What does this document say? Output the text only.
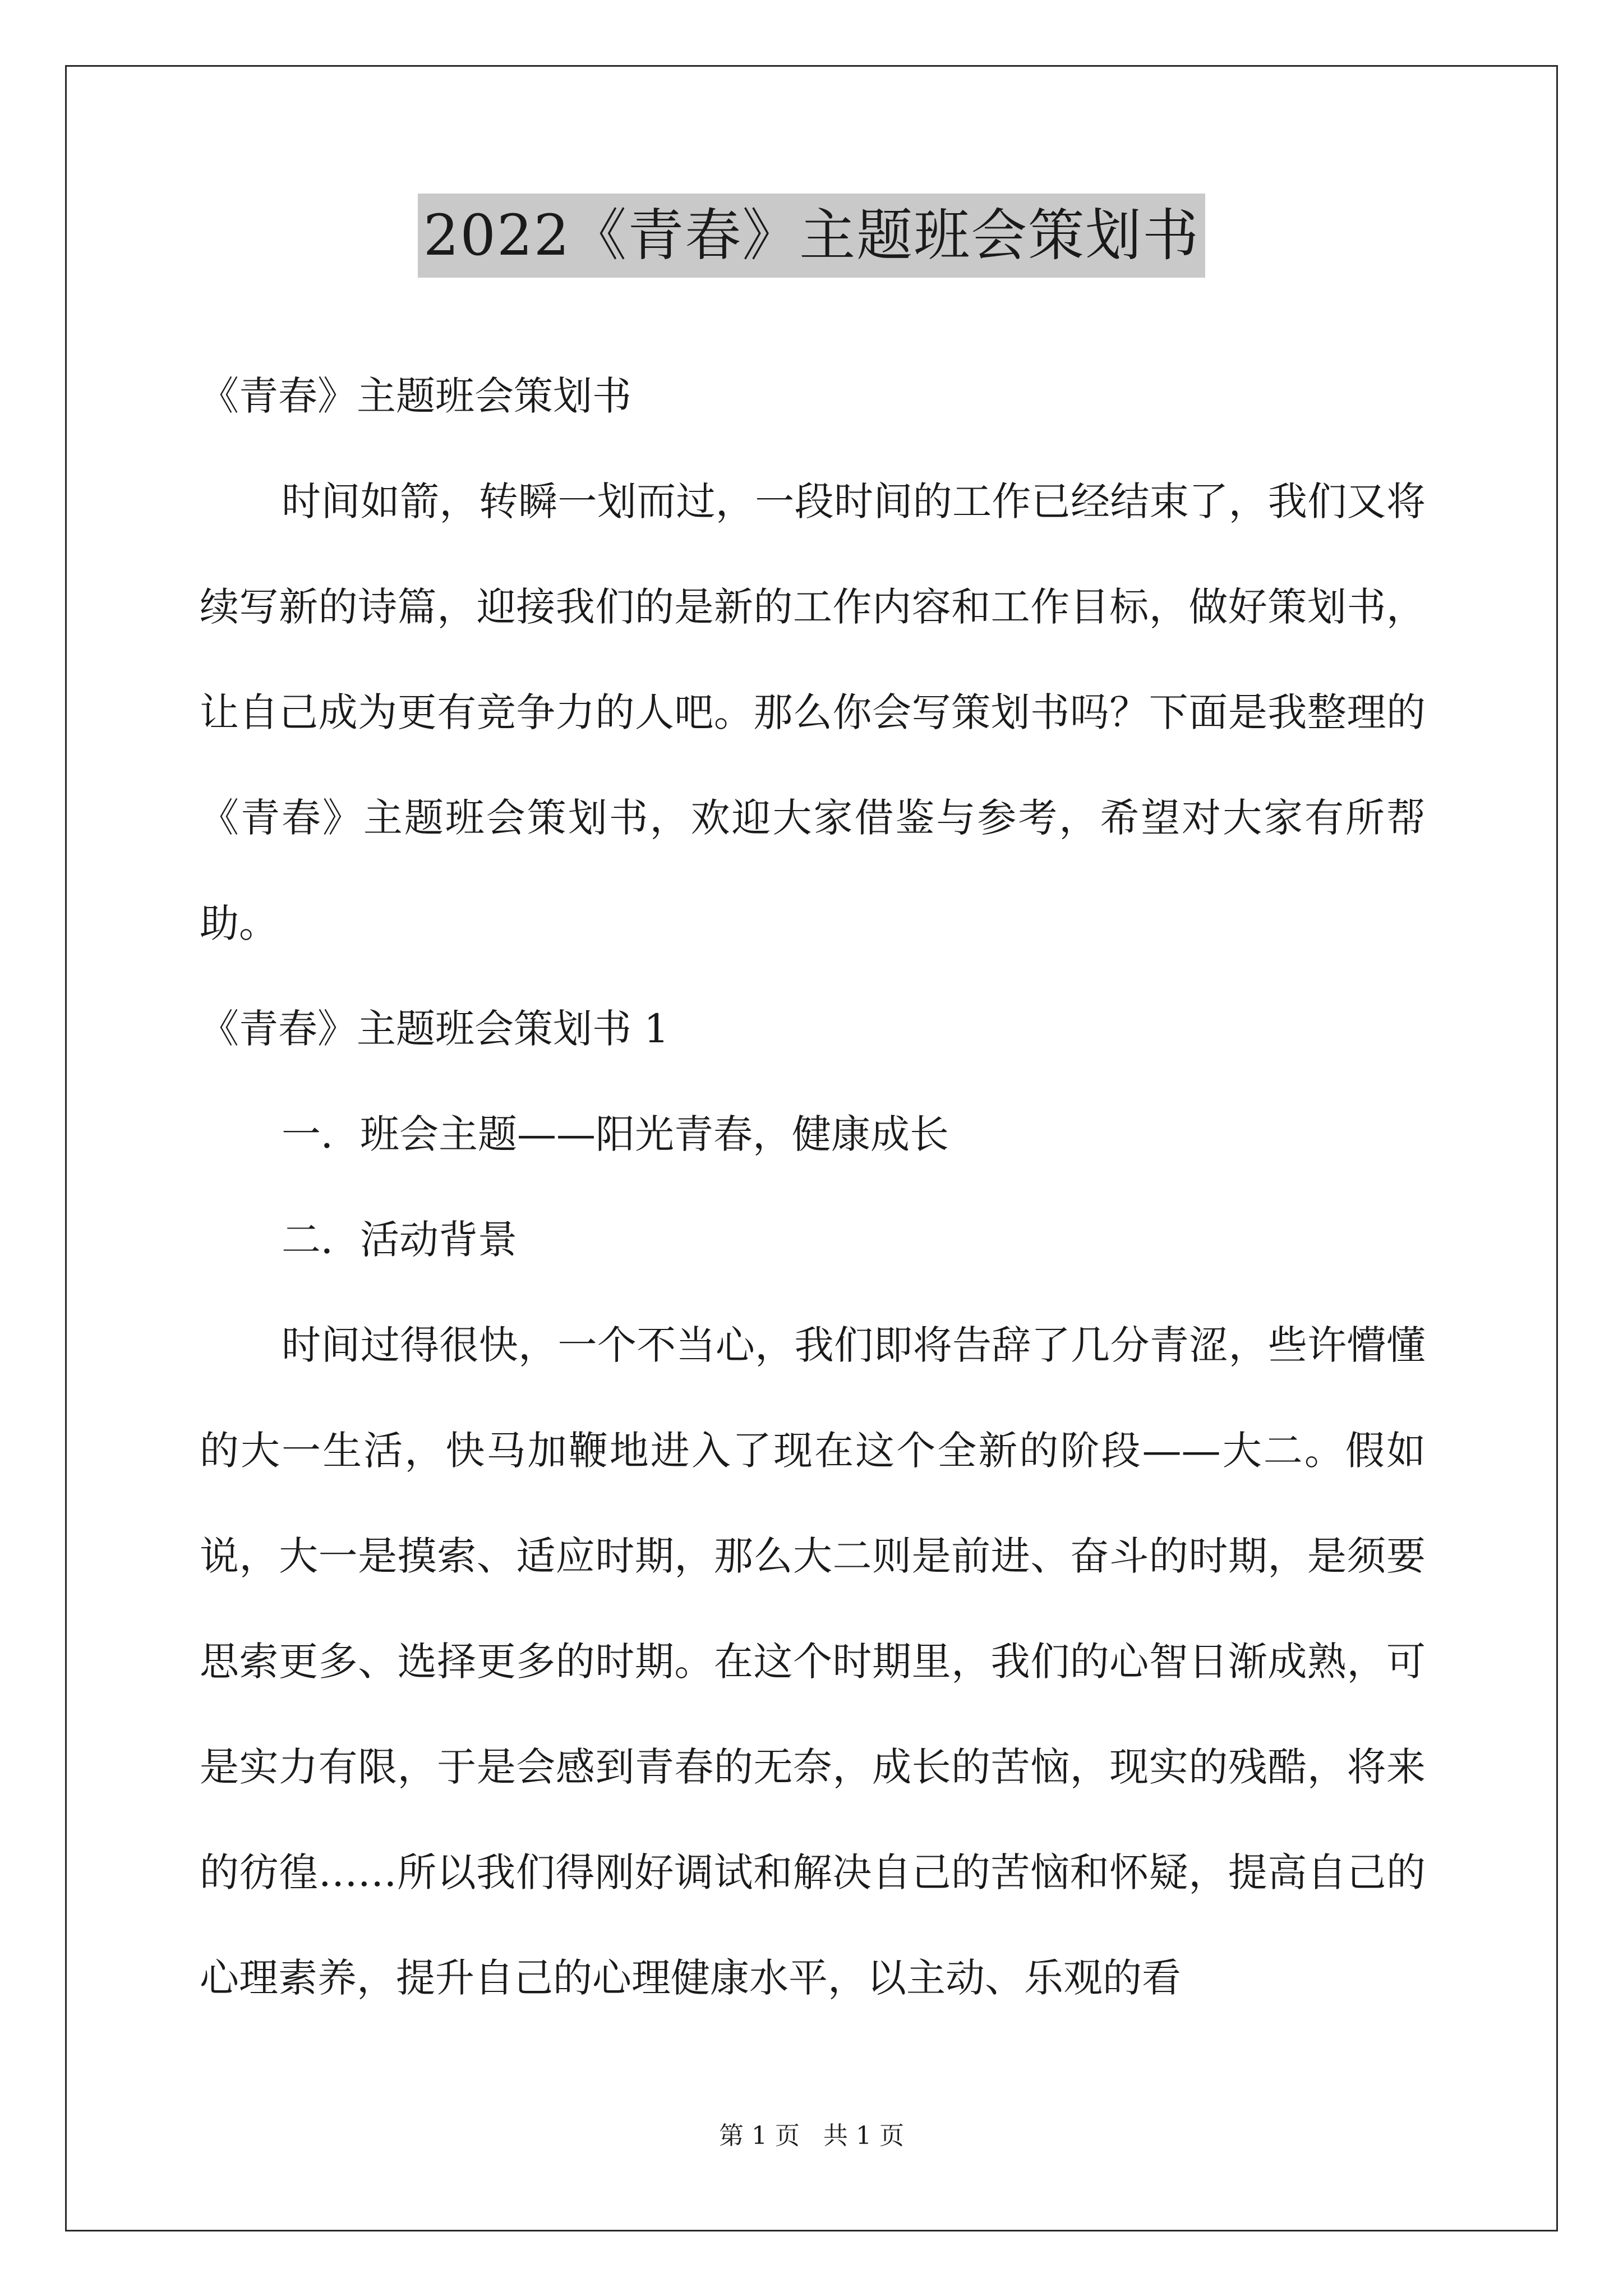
2022《青春》主题班会策划书

《青春》主题班会策划书

时间如箭，转瞬一划而过，一段时间的工作已经结束了，我们又将续写新的诗篇，迎接我们的是新的工作内容和工作目标，做好策划书，让自己成为更有竞争力的人吧。那么你会写策划书吗？下面是我整理的《青春》主题班会策划书，欢迎大家借鉴与参考，希望对大家有所帮助。

《青春》主题班会策划书 1

一．班会主题——阳光青春，健康成长

二．活动背景

时间过得很快，一个不当心，我们即将告辞了几分青涩，些许懵懂的大一生活，快马加鞭地进入了现在这个全新的阶段——大二。假如说，大一是摸索、适应时期，那么大二则是前进、奋斗的时期，是须要思索更多、选择更多的时期。在这个时期里，我们的心智日渐成熟，可是实力有限，于是会感到青春的无奈，成长的苦恼，现实的残酷，将来的彷徨……所以我们得刚好调试和解决自己的苦恼和怀疑，提高自己的心理素养，提升自己的心理健康水平，以主动、乐观的看

第 1 页   共 1 页
